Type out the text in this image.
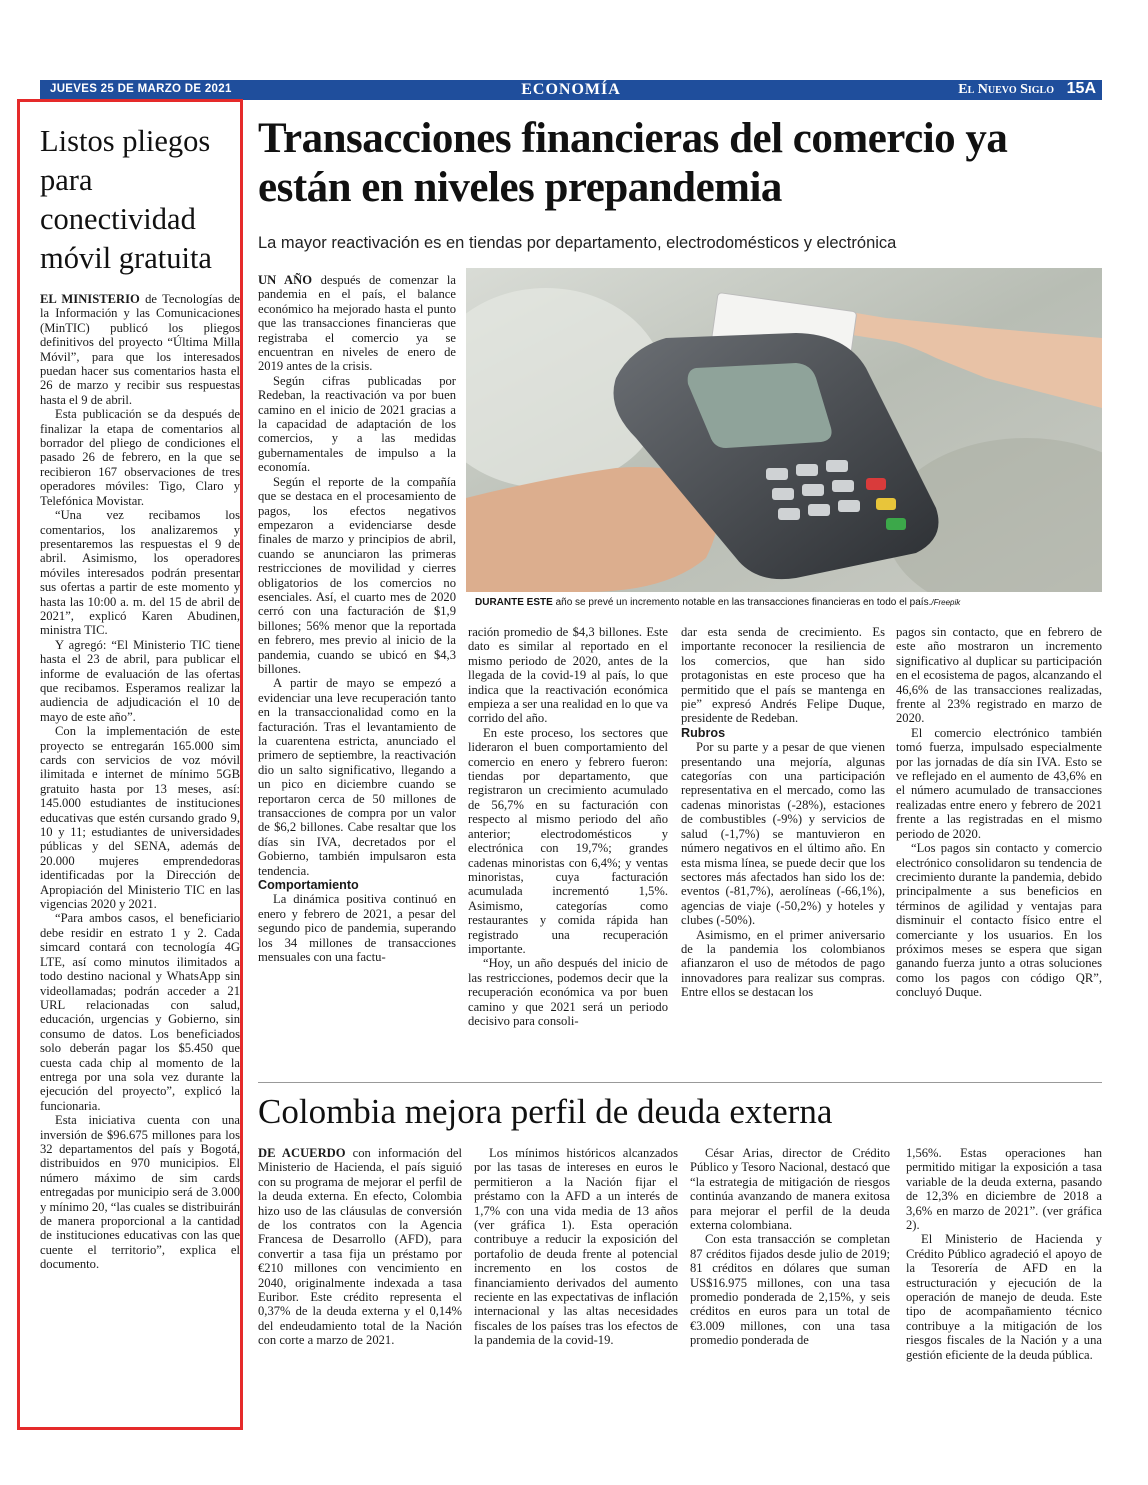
JUEVES 25 DE MARZO DE 2021	ECONOMÍA	El Nuevo Siglo 15A
Listos pliegos para conectividad móvil gratuita

EL MINISTERIO de Tecnologías de la Información y las Comunicaciones (MinTIC) publicó los pliegos definitivos del proyecto “Última Milla Móvil”, para que los interesados puedan hacer sus comentarios hasta el 26 de marzo y recibir sus respuestas hasta el 9 de abril.

Esta publicación se da después de finalizar la etapa de comentarios al borrador del pliego de condiciones el pasado 26 de febrero, en la que se recibieron 167 observaciones de tres operadores móviles: Tigo, Claro y Telefónica Movistar.

“Una vez recibamos los comentarios, los analizaremos y presentaremos las respuestas el 9 de abril. Asimismo, los operadores móviles interesados podrán presentar sus ofertas a partir de este momento y hasta las 10:00 a. m. del 15 de abril de 2021”, explicó Karen Abudinen, ministra TIC.

Y agregó: “El Ministerio TIC tiene hasta el 23 de abril, para publicar el informe de evaluación de las ofertas que recibamos. Esperamos realizar la audiencia de adjudicación el 10 de mayo de este año”.

Con la implementación de este proyecto se entregarán 165.000 sim cards con servicios de voz móvil ilimitada e internet de mínimo 5GB gratuito hasta por 13 meses, así: 145.000 estudiantes de instituciones educativas que estén cursando grado 9, 10 y 11; estudiantes de universidades públicas y del SENA, además de 20.000 mujeres emprendedoras identificadas por la Dirección de Apropiación del Ministerio TIC en las vigencias 2020 y 2021.

“Para ambos casos, el beneficiario debe residir en estrato 1 y 2. Cada simcard contará con tecnología 4G LTE, así como minutos ilimitados a todo destino nacional y WhatsApp sin videollamadas; podrán acceder a 21 URL relacionadas con salud, educación, urgencias y Gobierno, sin consumo de datos. Los beneficiados solo deberán pagar los $5.450 que cuesta cada chip al momento de la entrega por una sola vez durante la ejecución del proyecto”, explicó la funcionaria.

Esta iniciativa cuenta con una inversión de $96.675 millones para los 32 departamentos del país y Bogotá, distribuidos en 970 municipios. El número máximo de sim cards entregadas por municipio será de 3.000 y mínimo 20, “las cuales se distribuirán de manera proporcional a la cantidad de instituciones educativas con las que cuente el territorio”, explica el documento.

Transacciones financieras del comercio ya están en niveles prepandemia
La mayor reactivación es en tiendas por departamento, electrodomésticos y electrónica
DURANTE ESTE año se prevé un incremento notable en las transacciones financieras en todo el país./Freepik

UN AÑO después de comenzar la pandemia en el país, el balance económico ha mejorado hasta el punto que las transacciones financieras que registraba el comercio ya se encuentran en niveles de enero de 2019 antes de la crisis.

Según cifras publicadas por Redeban, la reactivación va por buen camino en el inicio de 2021 gracias a la capacidad de adaptación de los comercios, y a las medidas gubernamentales de impulso a la economía.

Según el reporte de la compañía que se destaca en el procesamiento de pagos, los efectos negativos empezaron a evidenciarse desde finales de marzo y principios de abril, cuando se anunciaron las primeras restricciones de movilidad y cierres obligatorios de los comercios no esenciales. Así, el cuarto mes de 2020 cerró con una facturación de $1,9 billones; 56% menor que la reportada en febrero, mes previo al inicio de la pandemia, cuando se ubicó en $4,3 billones.

A partir de mayo se empezó a evidenciar una leve recuperación tanto en la transaccionalidad como en la facturación. Tras el levantamiento de la cuarentena estricta, anunciado el primero de septiembre, la reactivación dio un salto significativo, llegando a un pico en diciembre cuando se reportaron cerca de 50 millones de transacciones de compra por un valor de $6,2 billones. Cabe resaltar que los días sin IVA, decretados por el Gobierno, también impulsaron esta tendencia.

Comportamiento

La dinámica positiva continuó en enero y febrero de 2021, a pesar del segundo pico de pandemia, superando los 34 millones de transacciones mensuales con una factu-

ración promedio de $4,3 billones. Este dato es similar al reportado en el mismo periodo de 2020, antes de la llegada de la covid-19 al país, lo que indica que la reactivación económica empieza a ser una realidad en lo que va corrido del año.

En este proceso, los sectores que lideraron el buen comportamiento del comercio en enero y febrero fueron: tiendas por departamento, que registraron un crecimiento acumulado de 56,7% en su facturación con respecto al mismo periodo del año anterior; electrodomésticos y electrónica con 19,7%; grandes cadenas minoristas con 6,4%; y ventas minoristas, cuya facturación acumulada incrementó 1,5%. Asimismo, categorías como restaurantes y comida rápida han registrado una recuperación importante.

“Hoy, un año después del inicio de las restricciones, podemos decir que la recuperación económica va por buen camino y que 2021 será un periodo decisivo para consoli-

dar esta senda de crecimiento. Es importante reconocer la resiliencia de los comercios, que han sido protagonistas en este proceso que ha permitido que el país se mantenga en pie” expresó Andrés Felipe Duque, presidente de Redeban.

Rubros

Por su parte y a pesar de que vienen presentando una mejoría, algunas categorías con una participación representativa en el mercado, como las cadenas minoristas (-28%), estaciones de combustibles (-9%) y servicios de salud (-1,7%) se mantuvieron en número negativos en el último año. En esta misma línea, se puede decir que los sectores más afectados han sido los de: eventos (-81,7%), aerolíneas (-66,1%), agencias de viaje (-50,2%) y hoteles y clubes (-50%).

Asimismo, en el primer aniversario de la pandemia los colombianos afianzaron el uso de métodos de pago innovadores para realizar sus compras. Entre ellos se destacan los

pagos sin contacto, que en febrero de este año mostraron un incremento significativo al duplicar su participación en el ecosistema de pagos, alcanzando el 46,6% de las transacciones realizadas, frente al 23% registrado en marzo de 2020.

El comercio electrónico también tomó fuerza, impulsado especialmente por las jornadas de día sin IVA. Esto se ve reflejado en el aumento de 43,6% en el número acumulado de transacciones realizadas entre enero y febrero de 2021 frente a las registradas en el mismo periodo de 2020.

“Los pagos sin contacto y comercio electrónico consolidaron su tendencia de crecimiento durante la pandemia, debido principalmente a sus beneficios en términos de agilidad y ventajas para disminuir el contacto físico entre el comerciante y los usuarios. En los próximos meses se espera que sigan ganando fuerza junto a otras soluciones como los pagos con código QR”, concluyó Duque.

Colombia mejora perfil de deuda externa

DE ACUERDO con información del Ministerio de Hacienda, el país siguió con su programa de mejorar el perfil de la deuda externa. En efecto, Colombia hizo uso de las cláusulas de conversión de los contratos con la Agencia Francesa de Desarrollo (AFD), para convertir a tasa fija un préstamo por €210 millones con vencimiento en 2040, originalmente indexada a tasa Euribor. Este crédito representa el 0,37% de la deuda externa y el 0,14% del endeudamiento total de la Nación con corte a marzo de 2021.

Los mínimos históricos alcanzados por las tasas de intereses en euros le permitieron a la Nación fijar el préstamo con la AFD a un interés de 1,7% con una vida media de 13 años (ver gráfica 1). Esta operación contribuye a reducir la exposición del portafolio de deuda frente al potencial incremento en los costos de financiamiento derivados del aumento reciente en las expectativas de inflación internacional y las altas necesidades fiscales de los países tras los efectos de la pandemia de la covid-19.

César Arias, director de Crédito Público y Tesoro Nacional, destacó que “la estrategia de mitigación de riesgos continúa avanzando de manera exitosa para mejorar el perfil de la deuda externa colombiana.

Con esta transacción se completan 87 créditos fijados desde julio de 2019; 81 créditos en dólares que suman US$16.975 millones, con una tasa promedio ponderada de 2,15%, y seis créditos en euros para un total de €3.009 millones, con una tasa promedio ponderada de

1,56%. Estas operaciones han permitido mitigar la exposición a tasa variable de la deuda externa, pasando de 12,3% en diciembre de 2018 a 3,6% en marzo de 2021”. (ver gráfica 2).

El Ministerio de Hacienda y Crédito Público agradeció el apoyo de la Tesorería de AFD en la estructuración y ejecución de la operación de manejo de deuda. Este tipo de acompañamiento técnico contribuye a la mitigación de los riesgos fiscales de la Nación y a una gestión eficiente de la deuda pública.
